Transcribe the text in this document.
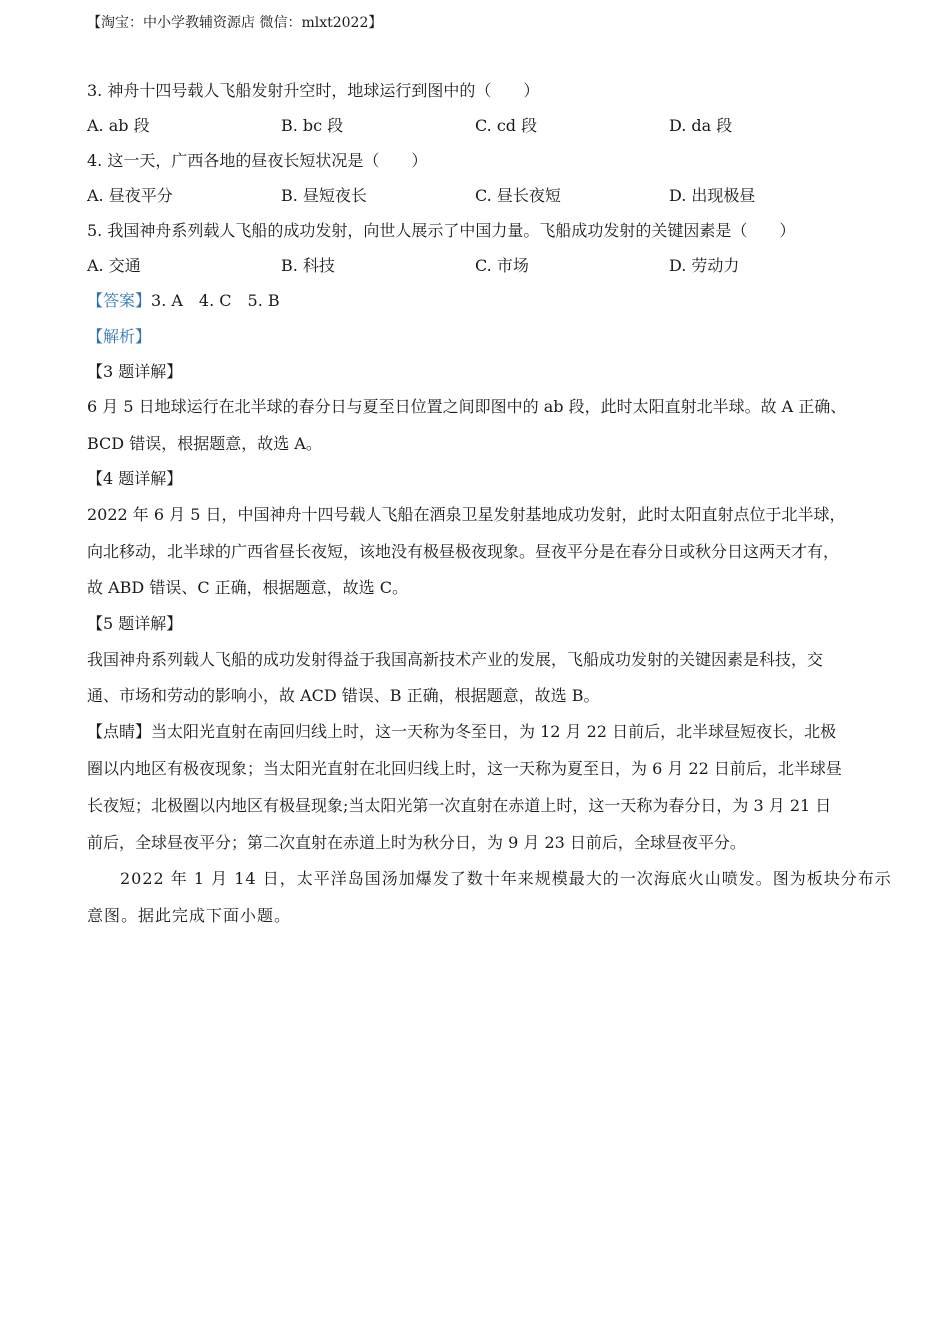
【淘宝：中小学教辅资源店 微信：mlxt2022】
3. 神舟十四号载人飞船发射升空时，地球运行到图中的（　　）
A. ab 段	B. bc 段	C. cd 段	D. da 段
4. 这一天，广西各地的昼夜长短状况是（　　）
A. 昼夜平分	B. 昼短夜长	C. 昼长夜短	D. 出现极昼
5. 我国神舟系列载人飞船的成功发射，向世人展示了中国力量。飞船成功发射的关键因素是（　　）
A. 交通	B. 科技	C. 市场	D. 劳动力
【答案】3. A　4. C　5. B
【解析】
【3 题详解】
6 月 5 日地球运行在北半球的春分日与夏至日位置之间即图中的 ab 段，此时太阳直射北半球。故 A 正确、
BCD 错误，根据题意，故选 A。
【4 题详解】
2022 年 6 月 5 日，中国神舟十四号载人飞船在酒泉卫星发射基地成功发射，此时太阳直射点位于北半球，
向北移动，北半球的广西省昼长夜短，该地没有极昼极夜现象。昼夜平分是在春分日或秋分日这两天才有，
故 ABD 错误、C 正确，根据题意，故选 C。
【5 题详解】
我国神舟系列载人飞船的成功发射得益于我国高新技术产业的发展，飞船成功发射的关键因素是科技，交
通、市场和劳动的影响小，故 ACD 错误、B 正确，根据题意，故选 B。
【点睛】当太阳光直射在南回归线上时，这一天称为冬至日，为 12 月 22 日前后，北半球昼短夜长，北极
圈以内地区有极夜现象；当太阳光直射在北回归线上时，这一天称为夏至日，为 6 月 22 日前后，北半球昼
长夜短；北极圈以内地区有极昼现象;当太阳光第一次直射在赤道上时，这一天称为春分日，为 3 月 21 日
前后，全球昼夜平分；第二次直射在赤道上时为秋分日，为 9 月 23 日前后，全球昼夜平分。
2022 年 1 月 14 日，太平洋岛国汤加爆发了数十年来规模最大的一次海底火山喷发。图为板块分布示
意图。据此完成下面小题。
